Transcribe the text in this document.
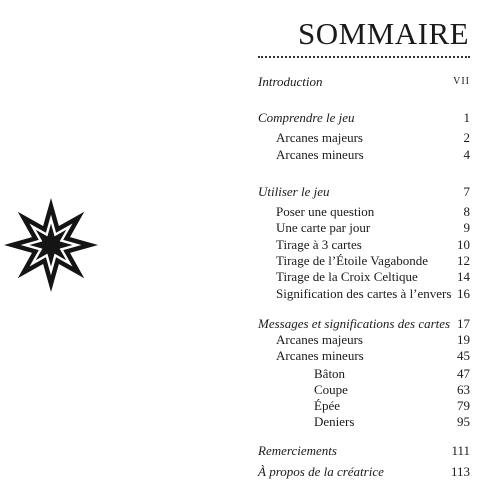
SOMMAIRE
Introduction	VII
Comprendre le jeu	1
Arcanes majeurs	2
Arcanes mineurs	4
Utiliser le jeu	7
Poser une question	8
Une carte par jour	9
Tirage à 3 cartes	10
Tirage de l’Étoile Vagabonde 12
Tirage de la Croix Celtique	14
Signification des cartes à l’envers 16
Messages et significations des cartes 17
Arcanes majeurs	19
Arcanes mineurs	45
Bâton	47
Coupe	63
Épée	79
Deniers	95
Remerciements	111
À propos de la créatrice	113
